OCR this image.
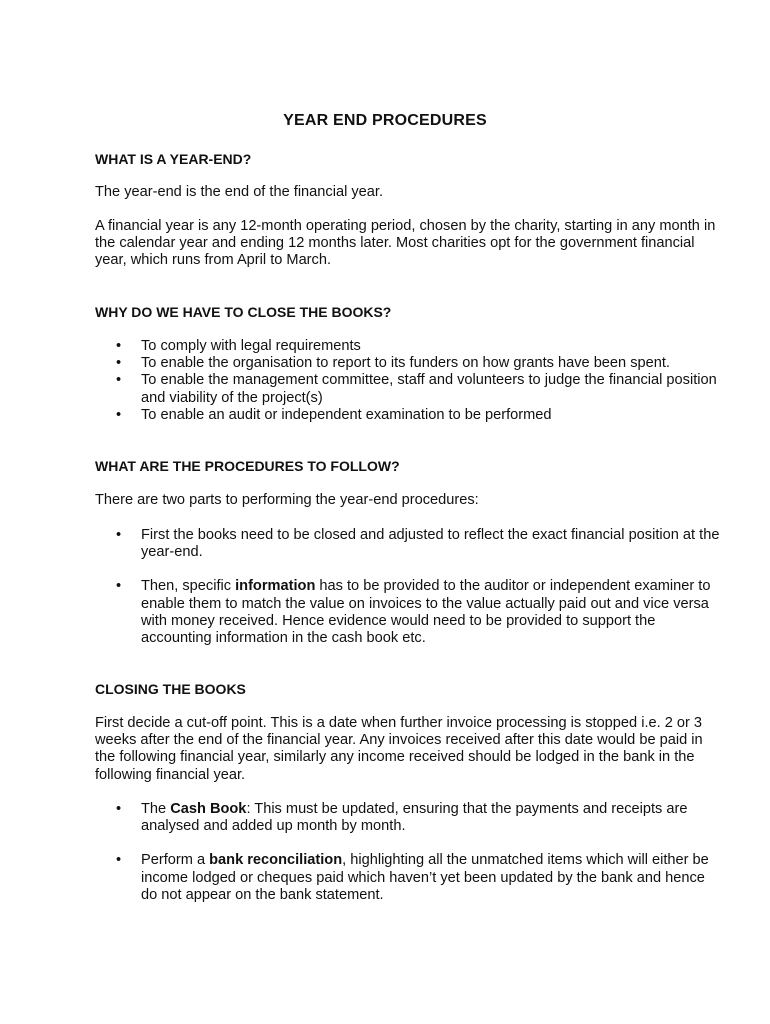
YEAR END PROCEDURES

WHAT IS A YEAR-END?

The year-end is the end of the financial year.

A financial year is any 12-month operating period, chosen by the charity, starting in any month in the calendar year and ending 12 months later. Most charities opt for the government financial year, which runs from April to March.

WHY DO WE HAVE TO CLOSE THE BOOKS?

• To comply with legal requirements
• To enable the organisation to report to its funders on how grants have been spent.
• To enable the management committee, staff and volunteers to judge the financial position and viability of the project(s)
• To enable an audit or independent examination to be performed

WHAT ARE THE PROCEDURES TO FOLLOW?

There are two parts to performing the year-end procedures:

• First the books need to be closed and adjusted to reflect the exact financial position at the year-end.
• Then, specific information has to be provided to the auditor or independent examiner to enable them to match the value on invoices to the value actually paid out and vice versa with money received. Hence evidence would need to be provided to support the accounting information in the cash book etc.

CLOSING THE BOOKS

First decide a cut-off point. This is a date when further invoice processing is stopped i.e. 2 or 3 weeks after the end of the financial year. Any invoices received after this date would be paid in the following financial year, similarly any income received should be lodged in the bank in the following financial year.

• The Cash Book: This must be updated, ensuring that the payments and receipts are analysed and added up month by month.
• Perform a bank reconciliation, highlighting all the unmatched items which will either be income lodged or cheques paid which haven’t yet been updated by the bank and hence do not appear on the bank statement.
